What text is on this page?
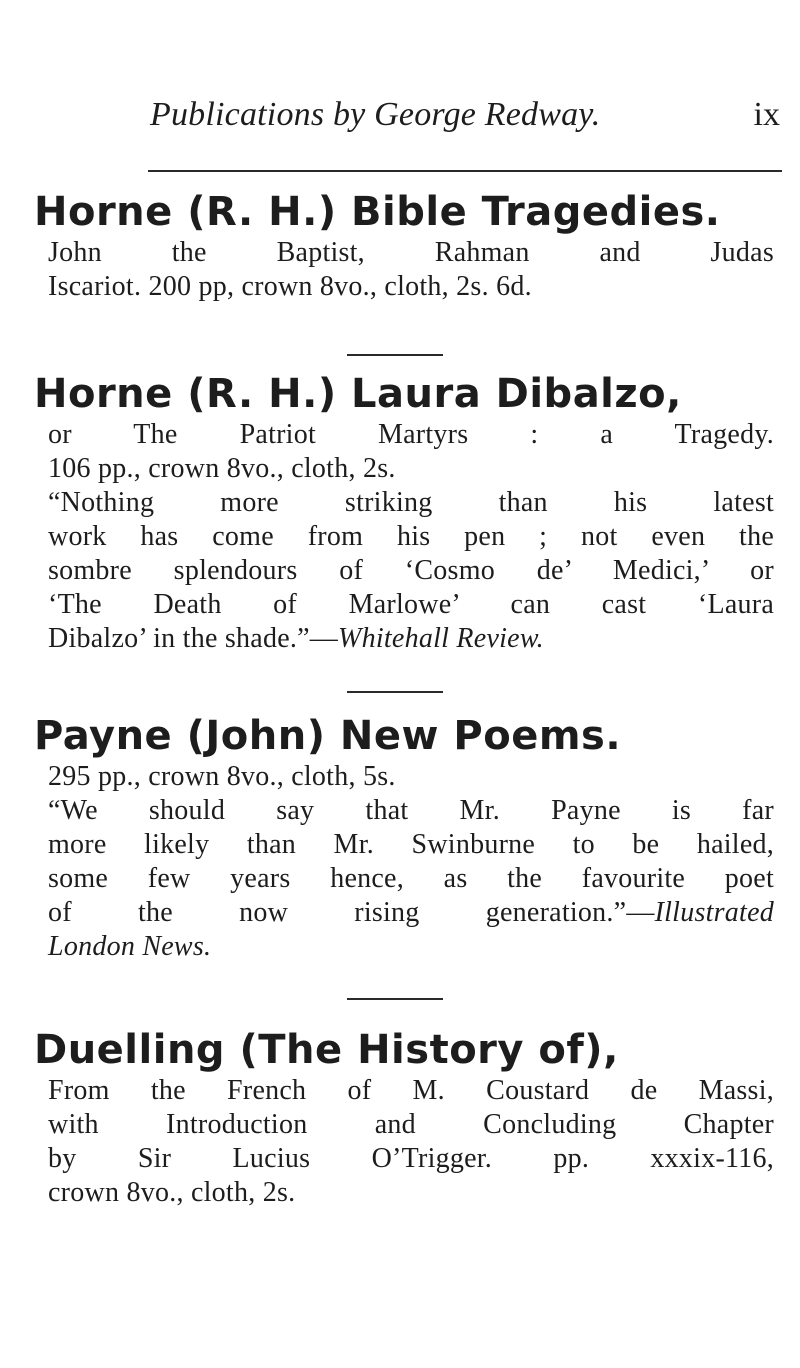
Publications by George Redway.	ix
Horne (R. H.) Bible Tragedies.
John the Baptist, Rahman and Judas
Iscariot. 200 pp, crown 8vo., cloth, 2s. 6d.
Horne (R. H.) Laura Dibalzo,
or The Patriot Martyrs : a Tragedy.
106 pp., crown 8vo., cloth, 2s.
“Nothing more striking than his latest
work has come from his pen ; not even the
sombre splendours of ‘Cosmo de’ Medici,’ or
‘The Death of Marlowe’ can cast ‘Laura
Dibalzo’ in the shade.”—Whitehall Review.
Payne (John) New Poems.
295 pp., crown 8vo., cloth, 5s.
“We should say that Mr. Payne is far
more likely than Mr. Swinburne to be hailed,
some few years hence, as the favourite poet
of the now rising generation.”—Illustrated
London News.
Duelling (The History of),
From the French of M. Coustard de Massi,
with Introduction and Concluding Chapter
by Sir Lucius O’Trigger. pp. xxxix-116,
crown 8vo., cloth, 2s.
